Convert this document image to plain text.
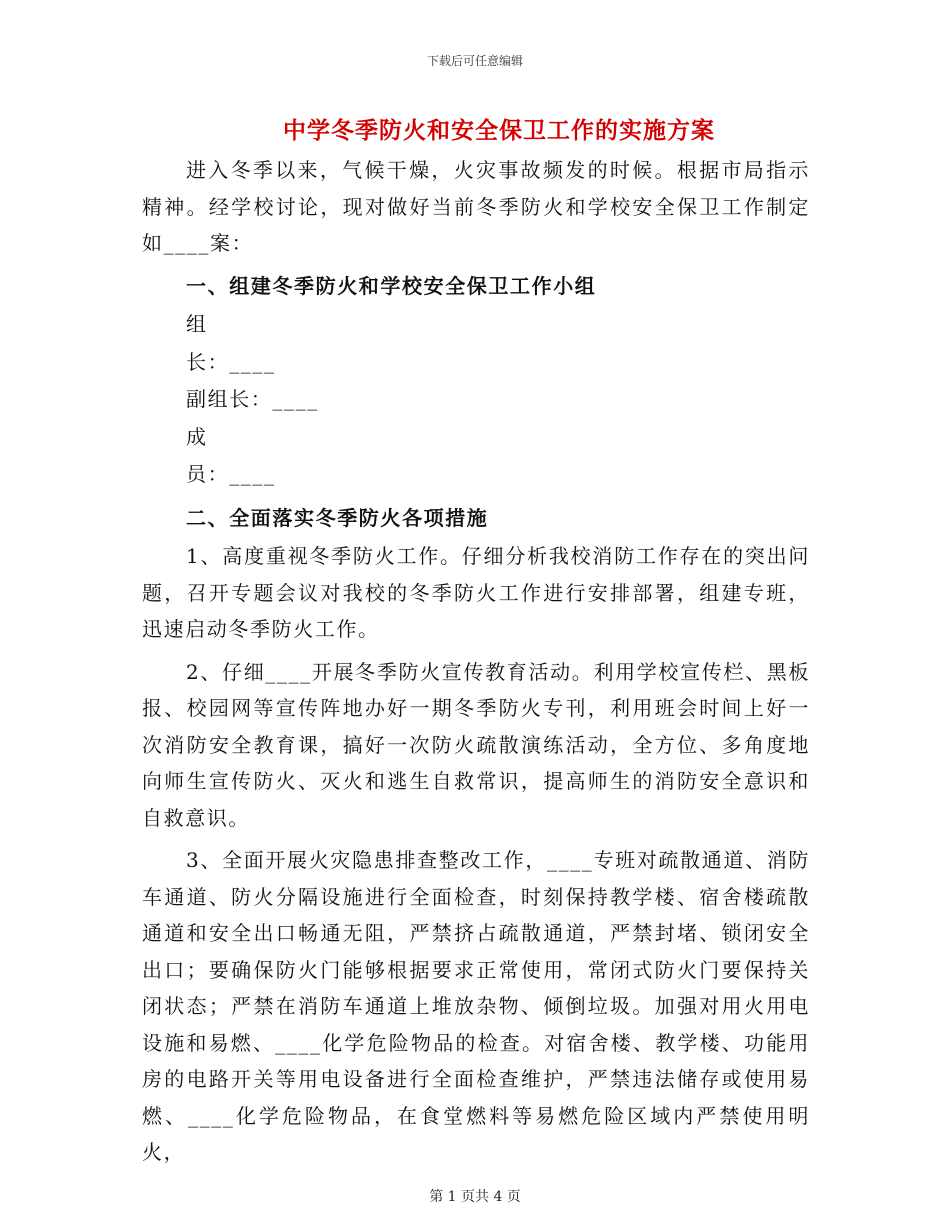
下载后可任意编辑
中学冬季防火和安全保卫工作的实施方案

进入冬季以来，气候干燥，火灾事故频发的时候。根据市局指示精神。经学校讨论，现对做好当前冬季防火和学校安全保卫工作制定如____案：

一、组建冬季防火和学校安全保卫工作小组

组

长：____

副组长：____

成

员：____

二、全面落实冬季防火各项措施

1、高度重视冬季防火工作。仔细分析我校消防工作存在的突出问题，召开专题会议对我校的冬季防火工作进行安排部署，组建专班，迅速启动冬季防火工作。

2、仔细____开展冬季防火宣传教育活动。利用学校宣传栏、黑板报、校园网等宣传阵地办好一期冬季防火专刊，利用班会时间上好一次消防安全教育课，搞好一次防火疏散演练活动，全方位、多角度地向师生宣传防火、灭火和逃生自救常识，提高师生的消防安全意识和自救意识。

3、全面开展火灾隐患排查整改工作，____专班对疏散通道、消防车通道、防火分隔设施进行全面检查，时刻保持教学楼、宿舍楼疏散通道和安全出口畅通无阻，严禁挤占疏散通道，严禁封堵、锁闭安全出口；要确保防火门能够根据要求正常使用，常闭式防火门要保持关闭状态；严禁在消防车通道上堆放杂物、倾倒垃圾。加强对用火用电设施和易燃、____化学危险物品的检查。对宿舍楼、教学楼、功能用房的电路开关等用电设备进行全面检查维护，严禁违法储存或使用易燃、____化学危险物品，在食堂燃料等易燃危险区域内严禁使用明火，

第 1 页共 4 页
